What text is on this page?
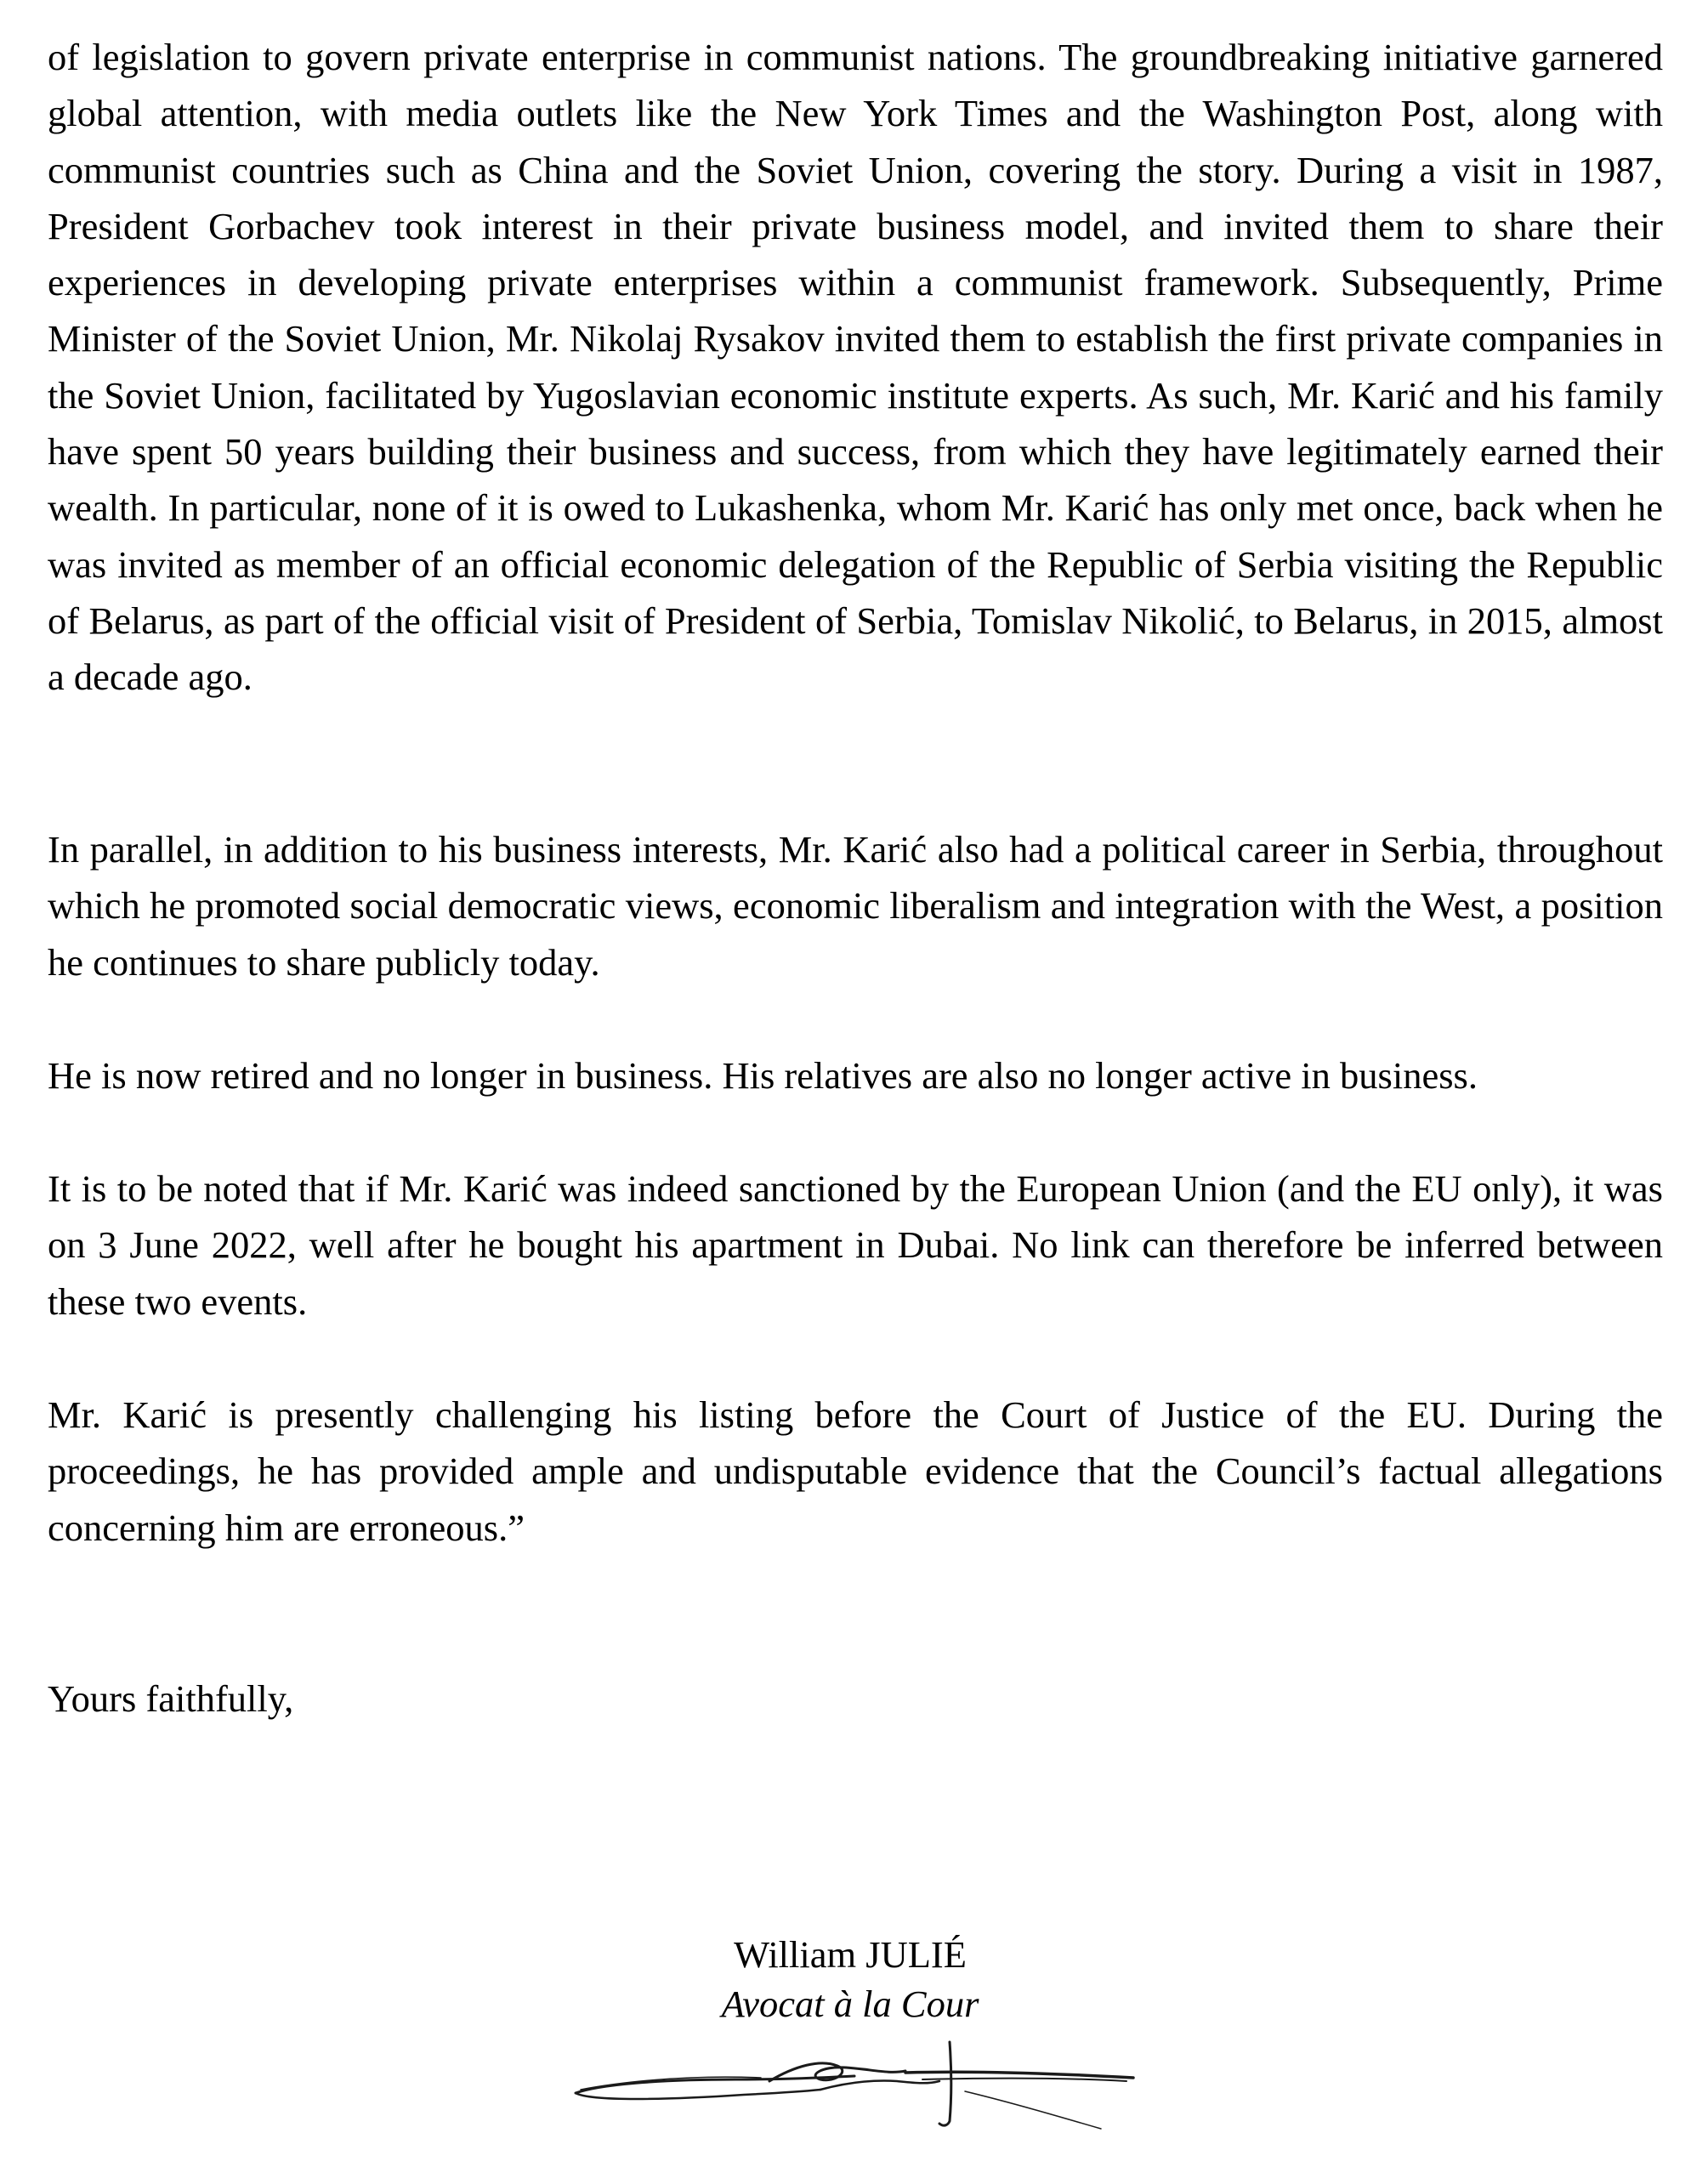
of legislation to govern private enterprise in communist nations. The groundbreaking initiative garnered global attention, with media outlets like the New York Times and the Washington Post, along with communist countries such as China and the Soviet Union, covering the story. During a visit in 1987, President Gorbachev took interest in their private business model, and invited them to share their experiences in developing private enterprises within a communist framework. Subsequently, Prime Minister of the Soviet Union, Mr. Nikolaj Rysakov invited them to establish the first private companies in the Soviet Union, facilitated by Yugoslavian economic institute experts. As such, Mr. Karić and his family have spent 50 years building their business and success, from which they have legitimately earned their wealth. In particular, none of it is owed to Lukashenka, whom Mr. Karić has only met once, back when he was invited as member of an official economic delegation of the Republic of Serbia visiting the Republic of Belarus, as part of the official visit of President of Serbia, Tomislav Nikolić, to Belarus, in 2015, almost a decade ago.

In parallel, in addition to his business interests, Mr. Karić also had a political career in Serbia, throughout which he promoted social democratic views, economic liberalism and integration with the West, a position he continues to share publicly today.

He is now retired and no longer in business. His relatives are also no longer active in business.

It is to be noted that if Mr. Karić was indeed sanctioned by the European Union (and the EU only), it was on 3 June 2022, well after he bought his apartment in Dubai. No link can therefore be inferred between these two events.

Mr. Karić is presently challenging his listing before the Court of Justice of the EU. During the proceedings, he has provided ample and undisputable evidence that the Council’s factual allegations concerning him are erroneous.”

Yours faithfully,

William JULIÉ
Avocat à la Cour
